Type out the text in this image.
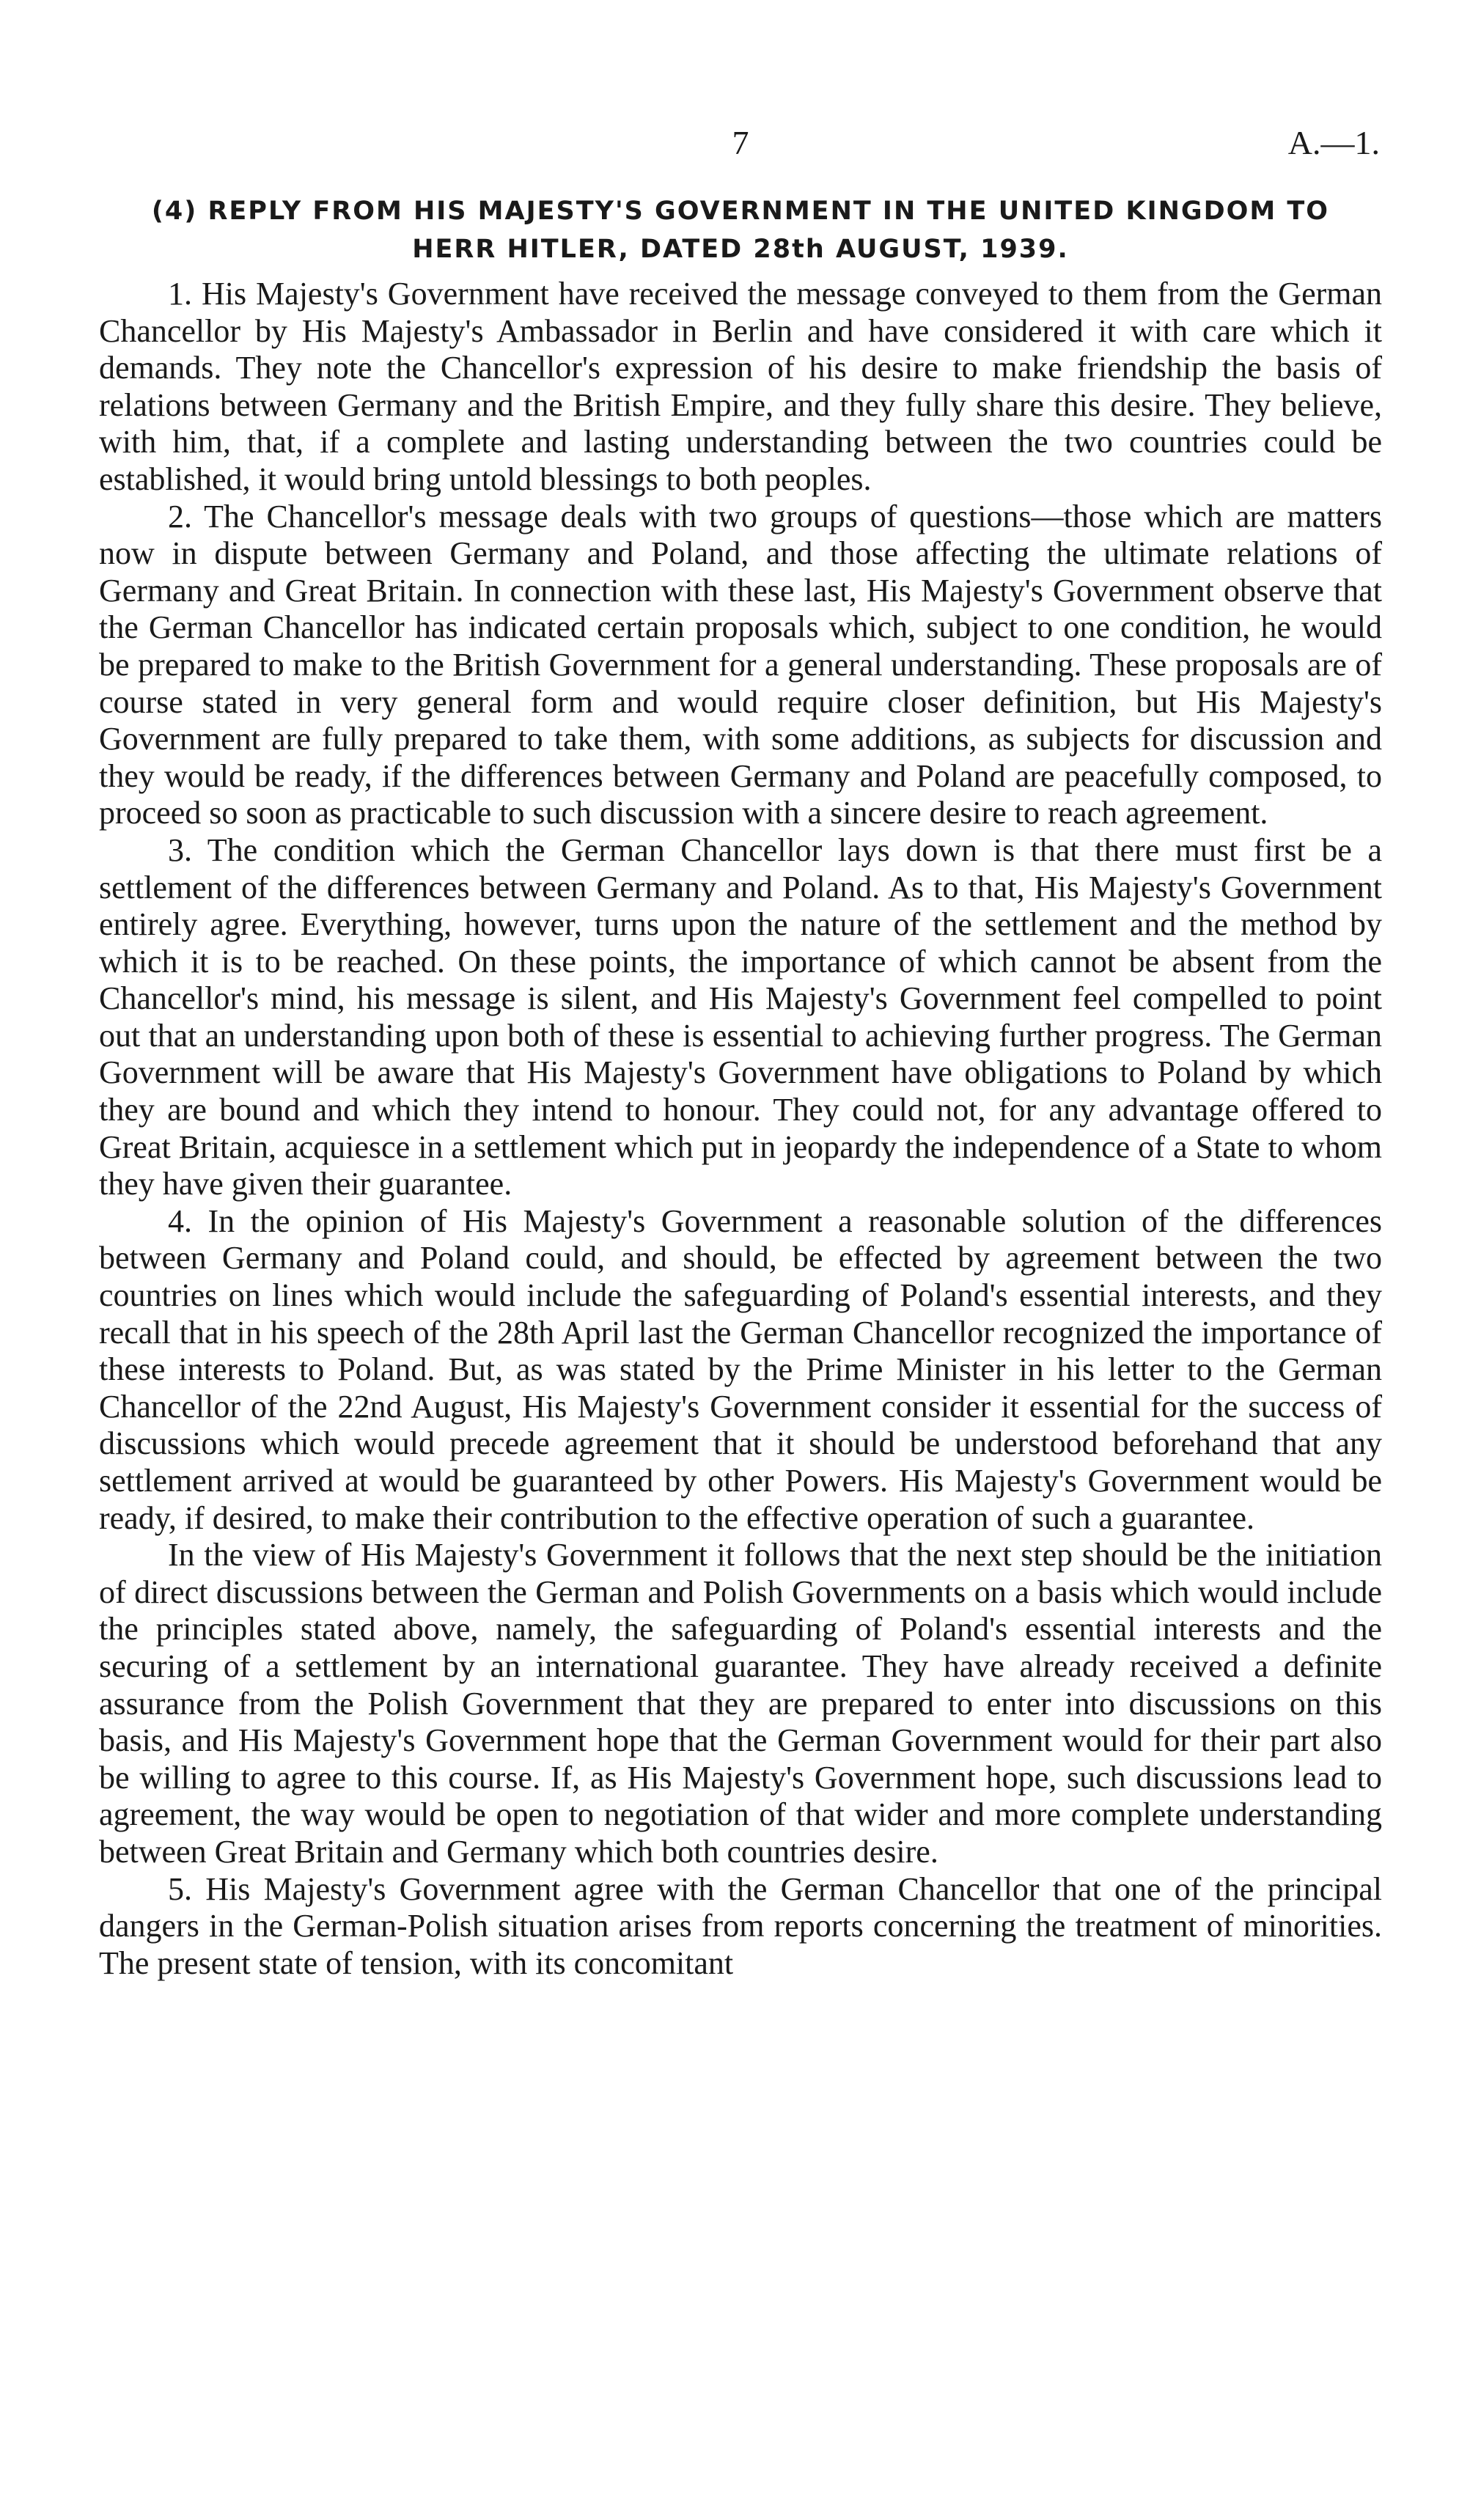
7	A.—1.
(4) REPLY FROM HIS MAJESTY'S GOVERNMENT IN THE UNITED KINGDOM TO
HERR HITLER, DATED 28th AUGUST, 1939.

1. His Majesty's Government have received the message conveyed to them from the German Chancellor by His Majesty's Ambassador in Berlin and have considered it with care which it demands. They note the Chancellor's expression of his desire to make friendship the basis of relations between Germany and the British Empire, and they fully share this desire. They believe, with him, that, if a complete and lasting understanding between the two countries could be established, it would bring untold blessings to both peoples.

2. The Chancellor's message deals with two groups of questions—those which are matters now in dispute between Germany and Poland, and those affecting the ultimate relations of Germany and Great Britain. In connection with these last, His Majesty's Government observe that the German Chancellor has indicated certain proposals which, subject to one condition, he would be prepared to make to the British Government for a general understanding. These proposals are of course stated in very general form and would require closer definition, but His Majesty's Government are fully prepared to take them, with some additions, as subjects for discussion and they would be ready, if the differences between Germany and Poland are peacefully composed, to proceed so soon as practicable to such discussion with a sincere desire to reach agreement.

3. The condition which the German Chancellor lays down is that there must first be a settlement of the differences between Germany and Poland. As to that, His Majesty's Government entirely agree. Everything, however, turns upon the nature of the settlement and the method by which it is to be reached. On these points, the importance of which cannot be absent from the Chancellor's mind, his message is silent, and His Majesty's Government feel compelled to point out that an understanding upon both of these is essential to achieving further progress. The German Government will be aware that His Majesty's Government have obligations to Poland by which they are bound and which they intend to honour. They could not, for any advantage offered to Great Britain, acquiesce in a settlement which put in jeopardy the independence of a State to whom they have given their guarantee.

4. In the opinion of His Majesty's Government a reasonable solution of the differences between Germany and Poland could, and should, be effected by agreement between the two countries on lines which would include the safeguarding of Poland's essential interests, and they recall that in his speech of the 28th April last the German Chancellor recognized the importance of these interests to Poland. But, as was stated by the Prime Minister in his letter to the German Chancellor of the 22nd August, His Majesty's Government consider it essential for the success of discussions which would precede agreement that it should be understood beforehand that any settlement arrived at would be guaranteed by other Powers. His Majesty's Government would be ready, if desired, to make their contribution to the effective operation of such a guarantee.

In the view of His Majesty's Government it follows that the next step should be the initiation of direct discussions between the German and Polish Governments on a basis which would include the principles stated above, namely, the safeguarding of Poland's essential interests and the securing of a settlement by an international guarantee. They have already received a definite assurance from the Polish Government that they are prepared to enter into discussions on this basis, and His Majesty's Government hope that the German Government would for their part also be willing to agree to this course. If, as His Majesty's Government hope, such discussions lead to agreement, the way would be open to negotiation of that wider and more complete understanding between Great Britain and Germany which both countries desire.

5. His Majesty's Government agree with the German Chancellor that one of the principal dangers in the German-Polish situation arises from reports concerning the treatment of minorities. The present state of tension, with its concomitant
